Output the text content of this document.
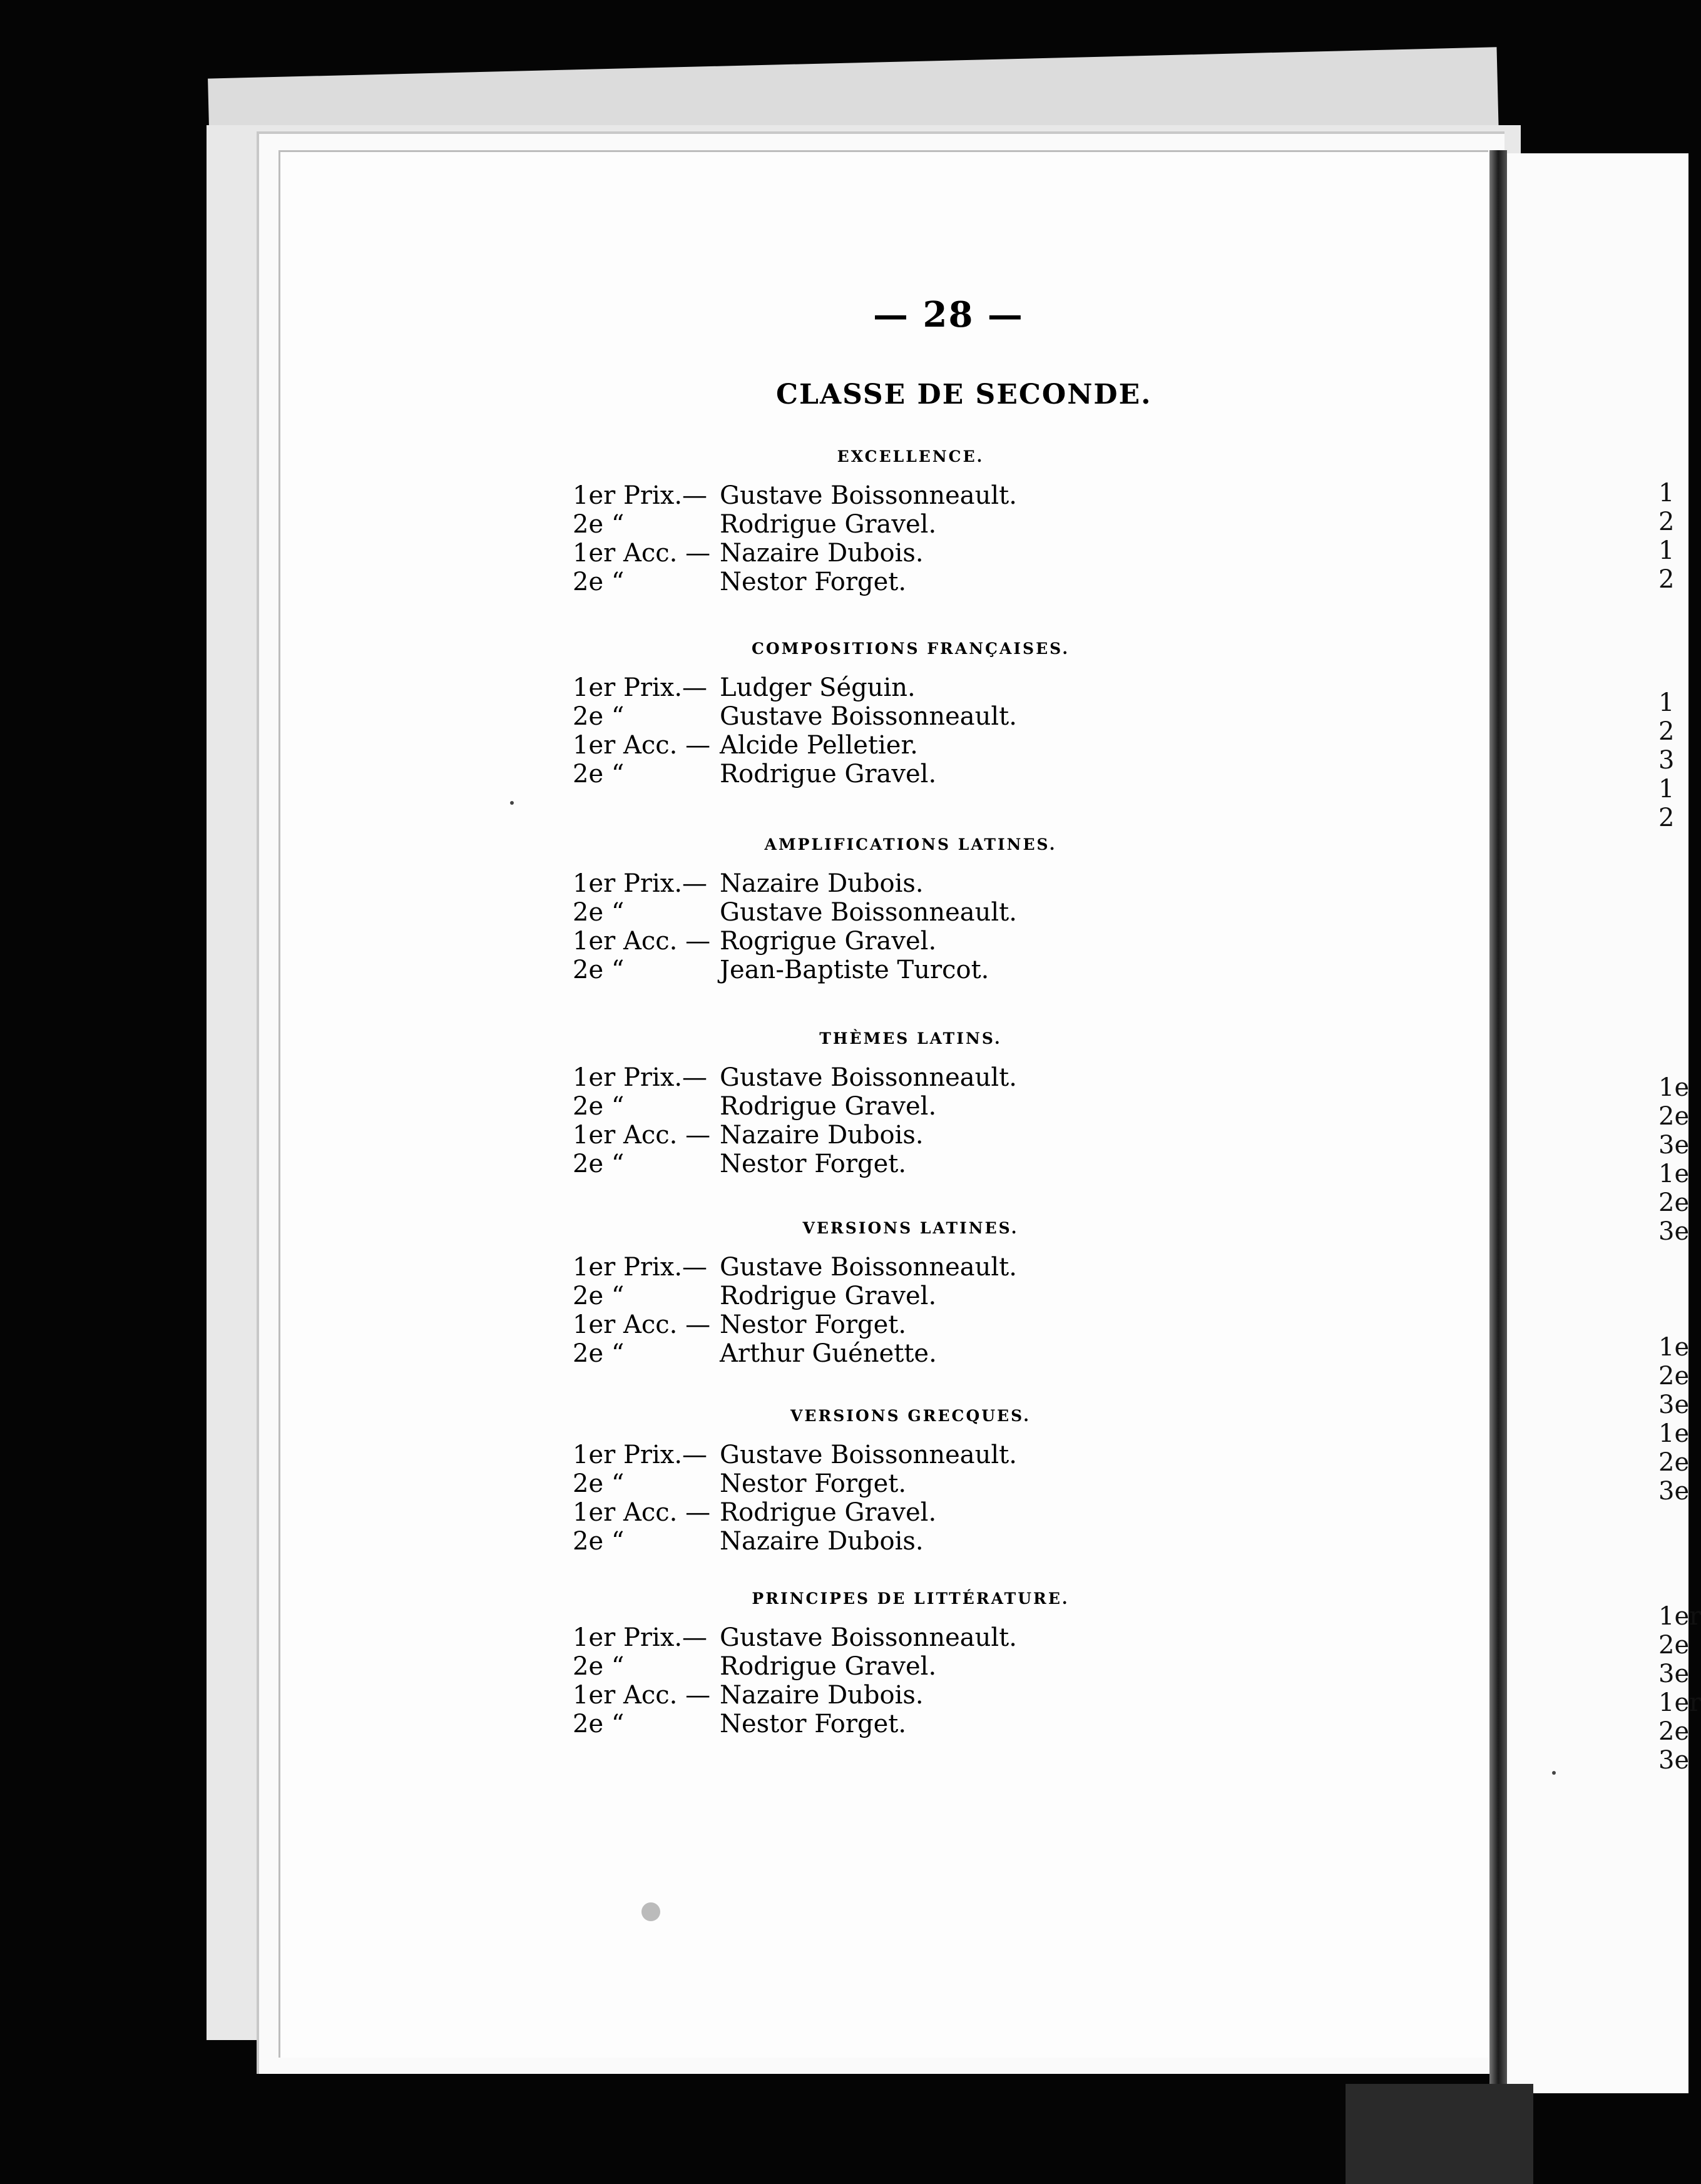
— 28 —
CLASSE DE SECONDE.
EXCELLENCE.
1er Prix.— Gustave Boissonneault.
2e “	Rodrigue Gravel.
1er Acc. — Nazaire Dubois.
2e “	Nestor Forget.
COMPOSITIONS FRANÇAISES.
1er Prix.— Ludger Séguin.
2e “	Gustave Boissonneault.
1er Acc. — Alcide Pelletier.
2e “	Rodrigue Gravel.
AMPLIFICATIONS LATINES.
1er Prix.— Nazaire Dubois.
2e “	Gustave Boissonneault.
1er Acc. — Rogrigue Gravel.
2e “	Jean-Baptiste Turcot.
THÈMES LATINS.
1er Prix.— Gustave Boissonneault.
2e “	Rodrigue Gravel.
1er Acc. — Nazaire Dubois.
2e “	Nestor Forget.
VERSIONS LATINES.
1er Prix.— Gustave Boissonneault.
2e “	Rodrigue Gravel.
1er Acc. — Nestor Forget.
2e “	Arthur Guénette.
VERSIONS GRECQUES.
1er Prix.— Gustave Boissonneault.
2e “	Nestor Forget.
1er Acc. — Rodrigue Gravel.
2e “	Nazaire Dubois.
PRINCIPES DE LITTÉRATURE.
1er Prix.— Gustave Boissonneault.
2e “	Rodrigue Gravel.
1er Acc. — Nazaire Dubois.
2e “	Nestor Forget.
1
2
1
2
1
2
3
1
2
1e
2e
3e
1e
2e
3e
1e
2e
3e
1e
2e
3e
1er
2e
3e
1er
2e
3e
